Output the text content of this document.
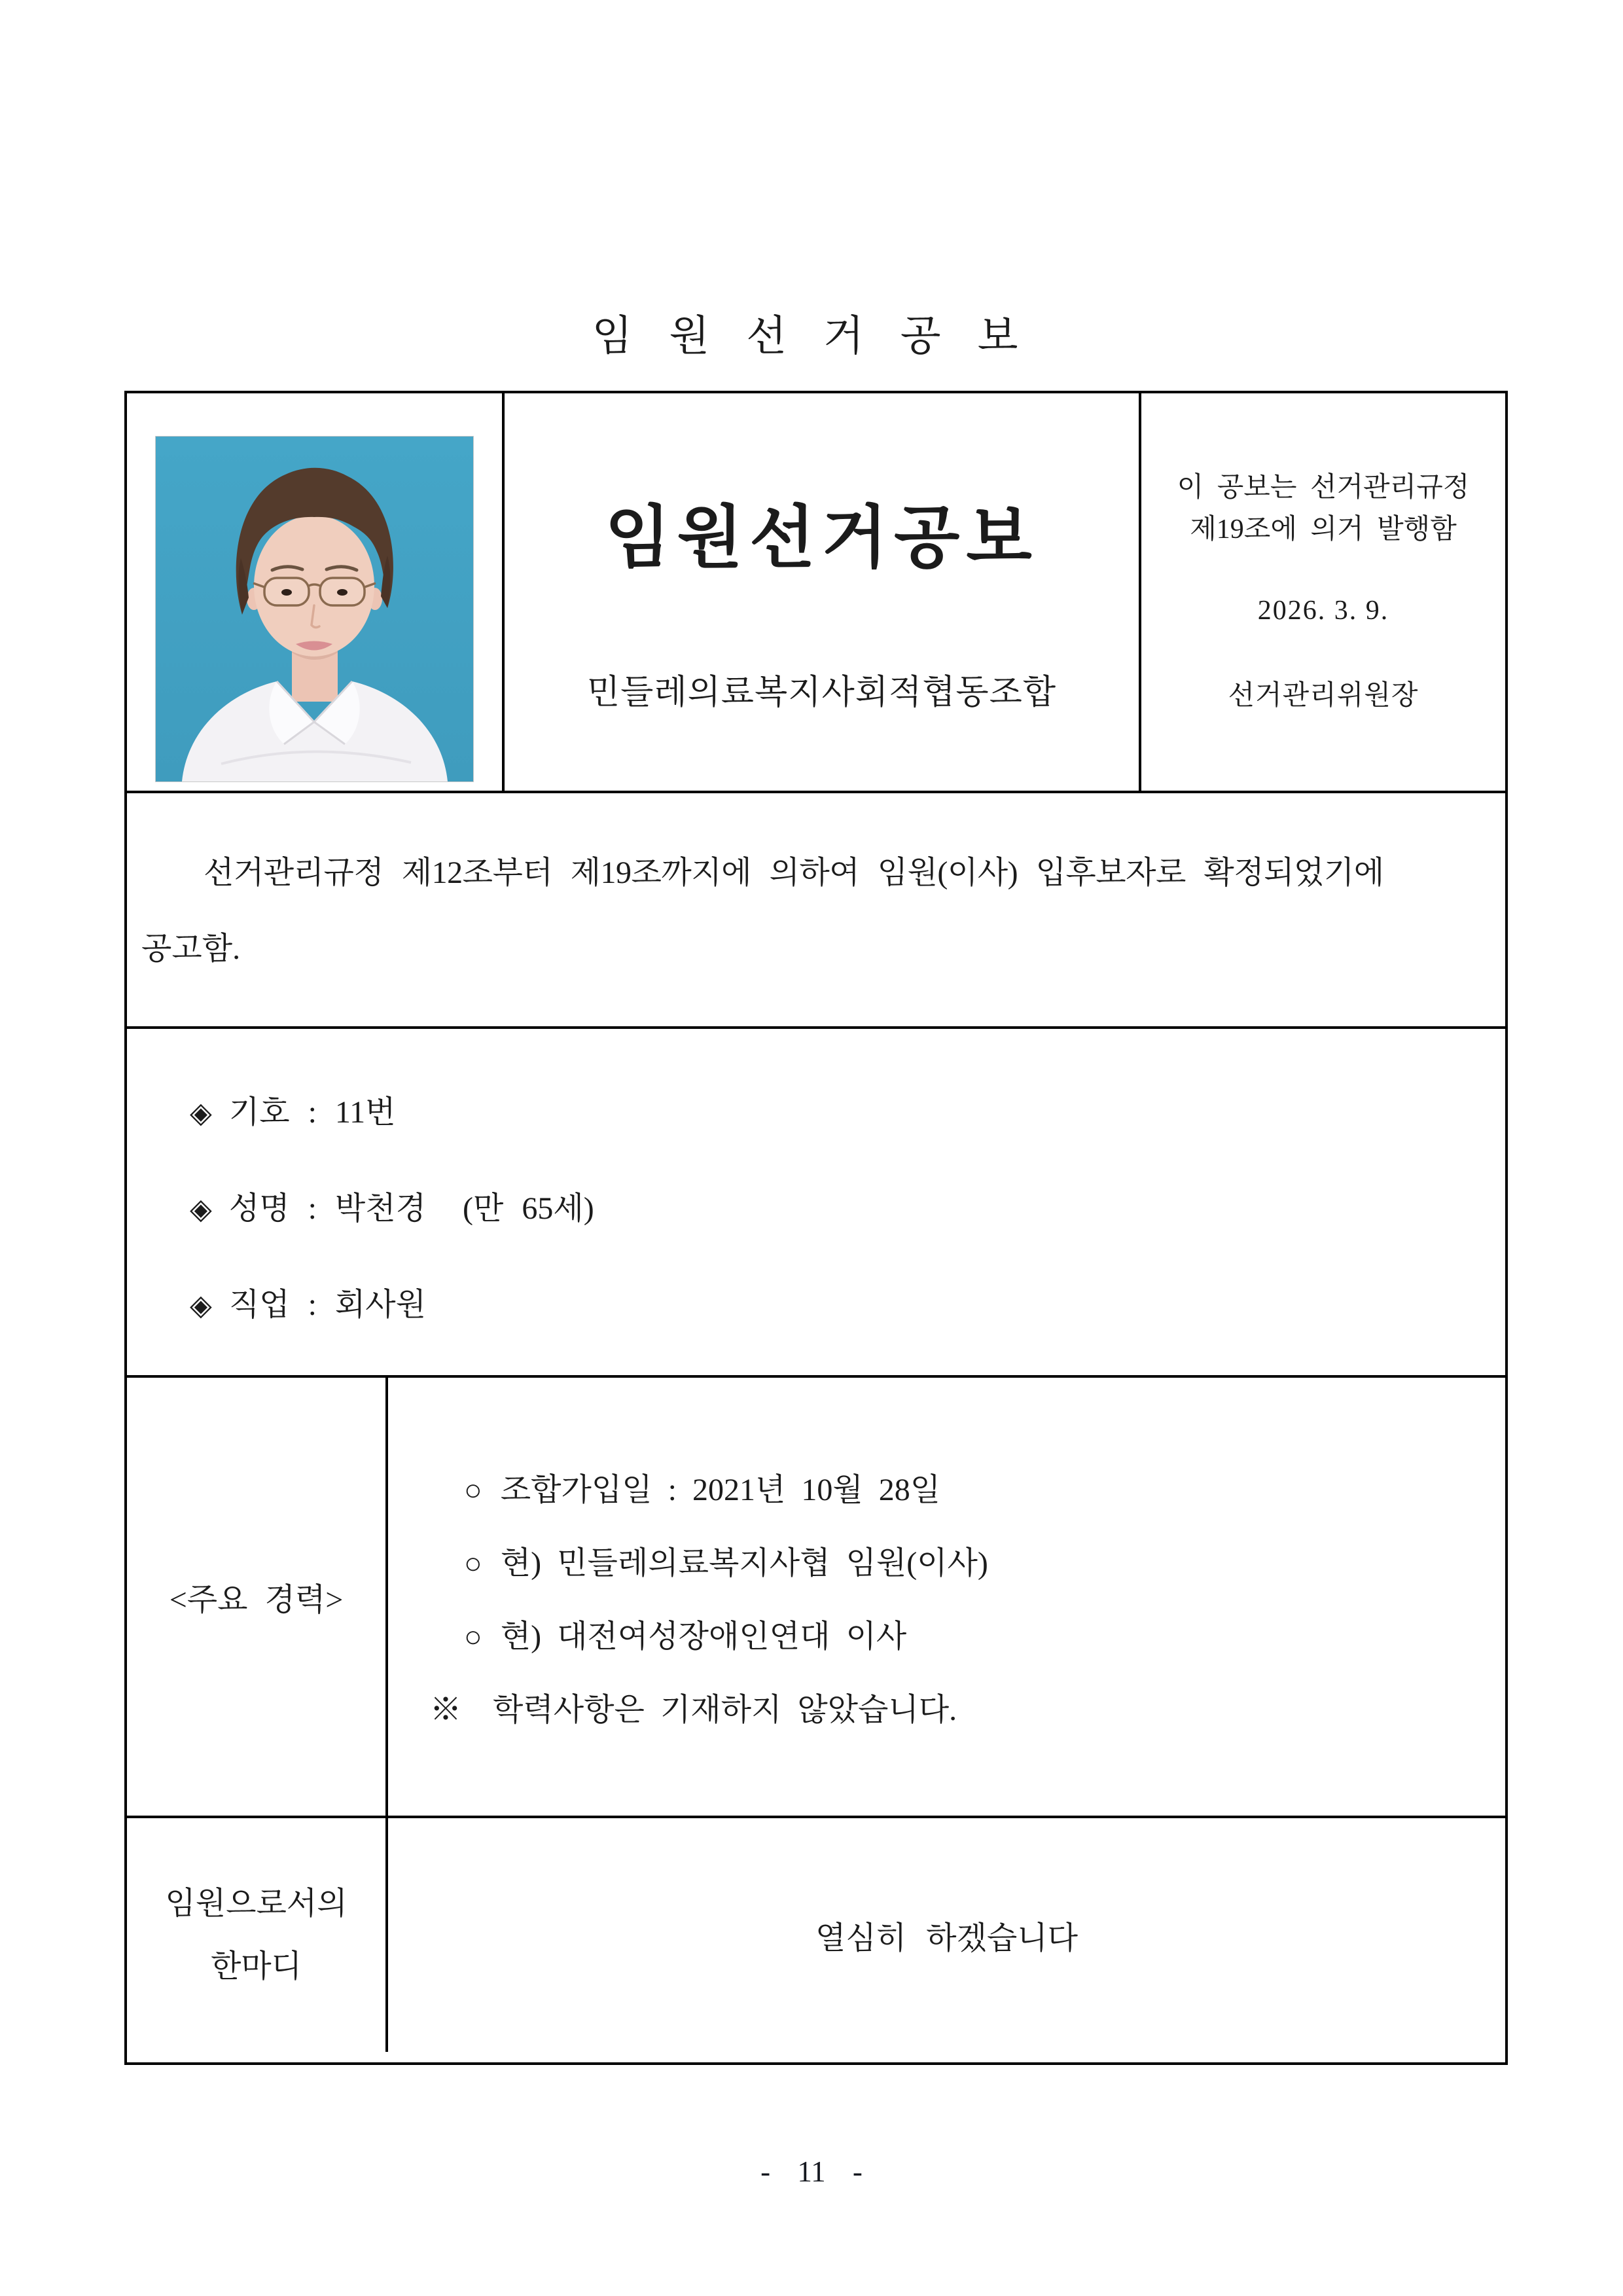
임 원 선 거 공 보
임원선거공보
민들레의료복지사회적협동조합
이 공보는 선거관리규정
제19조에 의거 발행함
2026. 3. 9.
선거관리위원장
선거관리규정 제12조부터 제19조까지에 의하여 임원(이사) 입후보자로 확정되었기에
공고함.
◈ 기호 : 11번
◈ 성명 : 박천경  (만 65세)
◈ 직업 : 회사원
<주요 경력>
○ 조합가입일 : 2021년 10월 28일
○ 현) 민들레의료복지사협 임원(이사)
○ 현) 대전여성장애인연대 이사
※  학력사항은 기재하지 않았습니다.
임원으로서의
한마디
열심히 하겠습니다
- 11 -
